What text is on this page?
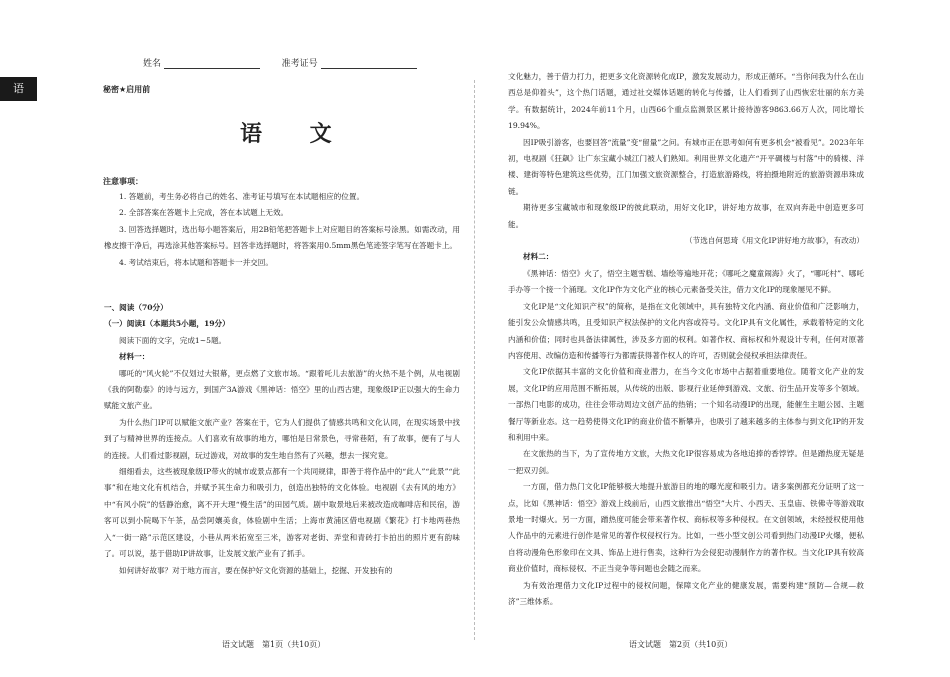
语
姓名	准考证号
秘密★启用前
语 文
注意事项：

1. 答题前，考生务必将自己的姓名、准考证号填写在本试题相应的位置。

2. 全部答案在答题卡上完成，答在本试题上无效。

3. 回答选择题时，选出每小题答案后，用2B铅笔把答题卡上对应题目的答案标号涂黑。如需改动，用橡皮擦干净后，再选涂其他答案标号。回答非选择题时，将答案用0.5mm黑色笔迹签字笔写在答题卡上。

4. 考试结束后，将本试题和答题卡一并交回。

一、阅读（70分）

（一）阅读Ⅰ（本题共5小题，19分）

阅读下面的文字，完成1~5题。

材料一：

哪吒的“风火轮”不仅划过大银幕，更点燃了文旅市场。“跟着吒儿去旅游”的火热不是个例，从电视剧《我的阿勒泰》的诗与远方，到国产3A游戏《黑神话：悟空》里的山西古建，现象级IP正以强大的生命力赋能文旅产业。

为什么热门IP可以赋能文旅产业？答案在于，它为人们提供了情感共鸣和文化认同，在现实场景中找到了与精神世界的连接点。人们喜欢有故事的地方，哪怕是日常景色，寻常巷陌，有了故事，便有了与人的连接。人们看过影视剧，玩过游戏，对故事的发生地自然有了兴趣，想去一探究竟。

细细看去，这些被现象级IP带火的城市或景点都有一个共同规律，即善于将作品中的“此人”“此景”“此事”和在地文化有机结合，并赋予其生命力和吸引力，创造出独特的文化体验。电视剧《去有风的地方》中“有风小院”的恬静治愈，离不开大理“慢生活”的田园气质。剧中取景地后来被改造成咖啡店和民宿，游客可以到小院喝下午茶，品尝阿孃美食，体验剧中生活；上海市黄浦区借电视剧《繁花》打卡地两巷热入“一街一路”示范区建设，小巷从两米拓宽至三米，游客对老街、弄堂和青砖打卡拍出的照片更有韵味了。可以说，基于借助IP讲故事，让发展文旅产业有了抓手。

如何讲好故事？对于地方而言，要在保护好文化资源的基础上，挖掘、开发独有的

文化魅力，善于借力打力，把更多文化资源转化成IP，激发发展动力，形成正循环。“当你问我为什么在山西总是仰着头”，这个热门话题，通过社交媒体话题的转化与传播，让人们看到了山西恢宏壮丽的东方美学。有数据统计，2024年前11个月，山西66个重点监测景区累计接待游客9863.66万人次，同比增长19.94%。

因IP吸引游客，也要回答“流量”变“留量”之问。有城市正在思考如何有更多机会“被看见”。2023年年初，电视剧《狂飙》让广东宝藏小城江门被人们熟知。利用世界文化遗产“开平碉楼与村落”中的骑楼、洋楼、建街等特色建筑这些优势，江门加强文旅资源整合，打造旅游路线，将拍摄地附近的旅游资源串珠成链。

期待更多宝藏城市和现象级IP的彼此联动，用好文化IP，讲好地方故事，在双向奔赴中创造更多可能。

（节选自何思琦《用文化IP讲好地方故事》，有改动）

材料二：

《黑神话：悟空》火了，悟空主题雪糕、墙绘等遍地开花；《哪吒之魔童闹海》火了，“哪吒村”、哪吒手办等一个接一个涌现。文化IP作为文化产业的核心元素备受关注，借力文化IP的现象屡见不鲜。

文化IP是“文化知识产权”的简称，是指在文化领域中，具有独特文化内涵、商业价值和广泛影响力，能引发公众情感共鸣，且受知识产权法保护的文化内容或符号。文化IP具有文化属性，承载着特定的文化内涵和价值；同时也具备法律属性，涉及多方面的权利。如著作权、商标权和外观设计专利，任何对原著内容使用、改编仿造和传播等行为都需获得著作权人的许可，否则就会侵权承担法律责任。

文化IP依据其丰富的文化价值和商业潜力，在当今文化市场中占据着重要地位。随着文化产业的发展，文化IP的应用范围不断拓展，从传统的出版、影视行业延伸到游戏、文旅、衍生品开发等多个领域。一部热门电影的成功，往往会带动周边文创产品的热销；一个知名动漫IP的出现，能催生主题公园、主题餐厅等新业态。这一趋势使得文化IP的商业价值不断攀升，也吸引了越来越多的主体参与到文化IP的开发和利用中来。

在文旅热的当下，为了宣传地方文旅，大热文化IP很容易成为各地追捧的香饽饽。但是蹭热度无疑是一把双刃剑。

一方面，借力热门文化IP能够极大地提升旅游目的地的曝光度和吸引力。诸多案例都充分证明了这一点，比如《黑神话：悟空》游戏上线前后，山西文旅推出“悟空”大片、小西天、玉皇庙、铁佛寺等游戏取景地一时爆火。另一方面，蹭热度可能会带来著作权、商标权等多种侵权。在文创领域，未经授权使用他人作品中的元素进行创作是常见的著作权侵权行为。比如，一些小型文创公司看到热门动漫IP火爆，便私自将动漫角色形象印在文具、饰品上进行售卖，这种行为会侵犯动漫制作方的著作权。当文化IP具有较高商业价值时，商标侵权、不正当竞争等问题也会随之而来。

为有效治理借力文化IP过程中的侵权问题，保障文化产业的健康发展，需要构建“预防—合规—救济”三维体系。

语文试题　第1页（共10页）	语文试题　第2页（共10页）
